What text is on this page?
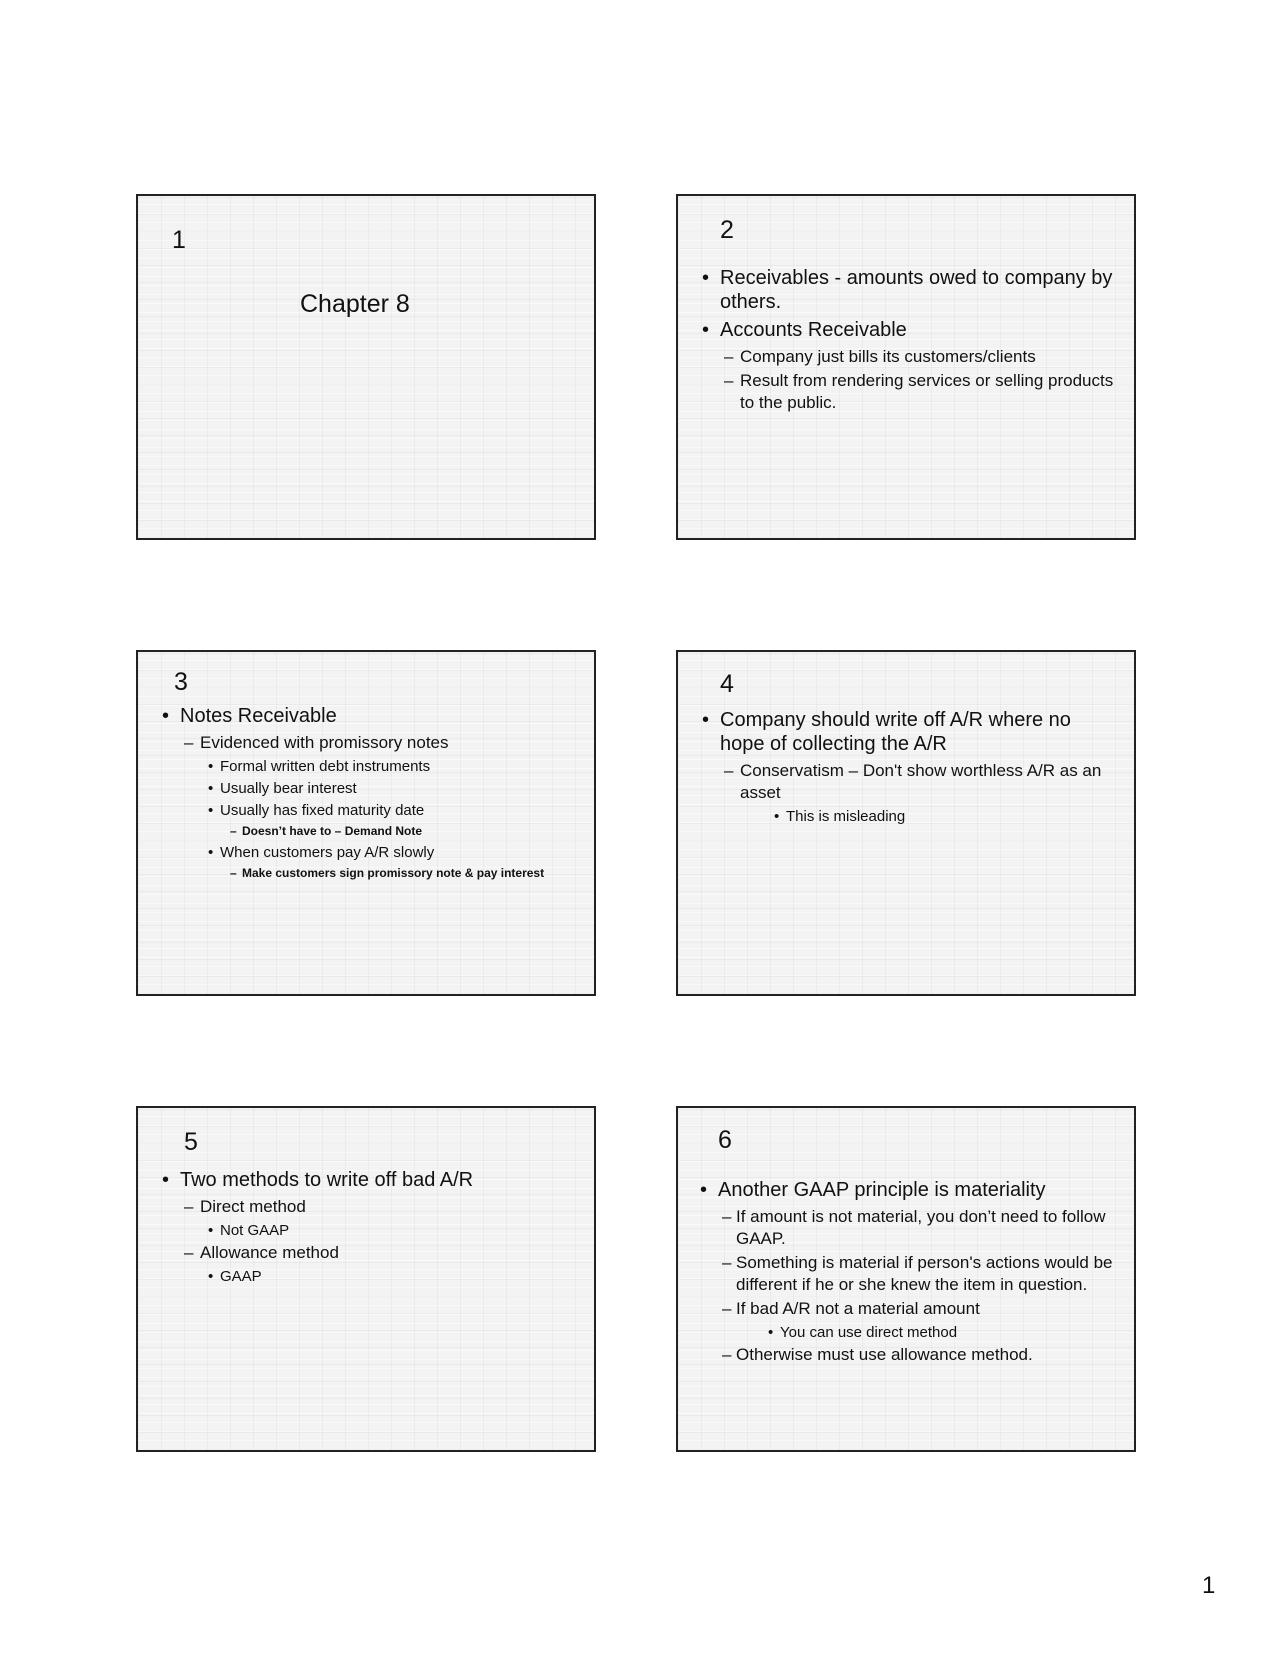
1
Chapter 8
2
• Receivables - amounts owed to company by others.
• Accounts Receivable
– Company just bills its customers/clients
– Result from rendering services or selling products to the public.
3
• Notes Receivable
– Evidenced with promissory notes
• Formal written debt instruments
• Usually bear interest
• Usually has fixed maturity date
– Doesn’t have to – Demand Note
• When customers pay A/R slowly
– Make customers sign promissory note & pay interest
4
• Company should write off A/R where no hope of collecting the A/R
– Conservatism – Don't show worthless A/R as an asset
• This is misleading
5
• Two methods to write off bad A/R
– Direct method
• Not GAAP
– Allowance method
• GAAP
6
• Another GAAP principle is materiality
– If amount is not material, you don’t need to follow GAAP.
– Something is material if person's actions would be different if he or she knew the item in question.
– If bad A/R not a material amount
• You can use direct method
– Otherwise must use allowance method.
1
